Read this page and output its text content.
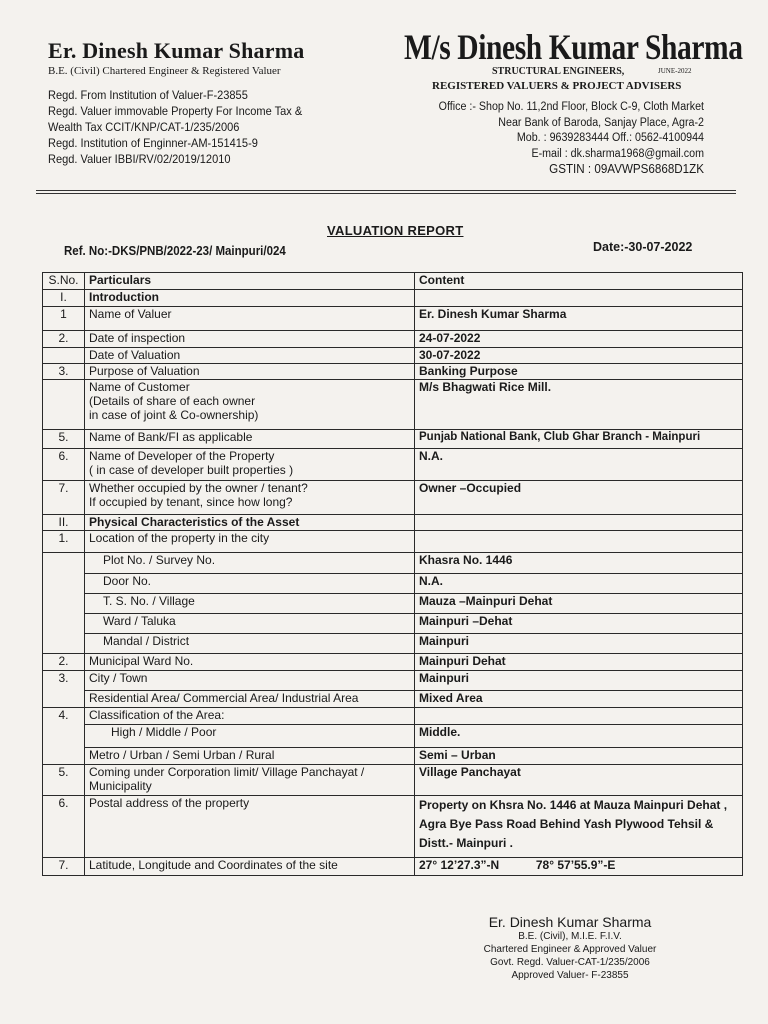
Er. Dinesh Kumar Sharma
B.E. (Civil) Chartered Engineer & Registered Valuer
Regd. From Institution of Valuer-F-23855
Regd. Valuer immovable Property For Income Tax &
Wealth Tax CCIT/KNP/CAT-1/235/2006
Regd. Institution of Enginner-AM-151415-9
Regd. Valuer IBBI/RV/02/2019/12010
M/s Dinesh Kumar Sharma
STRUCTURAL ENGINEERS,	JUNE-2022
REGISTERED VALUERS & PROJECT ADVISERS
Office :- Shop No. 11,2nd Floor, Block C-9, Cloth Market
Near Bank of Baroda, Sanjay Place, Agra-2
Mob. : 9639283444 Off.: 0562-4100944
E-mail : dk.sharma1968@gmail.com
GSTIN : 09AVWPS6868D1ZK
VALUATION REPORT
Ref. No:-DKS/PNB/2022-23/ Mainpuri/024	Date:-30-07-2022
S.No.	Particulars	Content
I.	Introduction	
1	Name of Valuer	Er. Dinesh Kumar Sharma
2.	Date of inspection	24-07-2022
	Date of Valuation	30-07-2022
3.	Purpose of Valuation	Banking Purpose

	Name of Customer
(Details of share of each owner
in case of joint & Co-ownership)	M/s Bhagwati Rice Mill.
5.	Name of Bank/FI as applicable	Punjab National Bank, Club Ghar Branch - Mainpuri
6.	Name of Developer of the Property
( in case of developer built properties )	N.A.
7.	Whether occupied by the owner / tenant?
If occupied by tenant, since how long?	Owner –Occupied
II.	Physical Characteristics of the Asset	
1.	Location of the property in the city	
	Plot No. / Survey No.	Khasra No. 1446
	Door No.	N.A.
	T. S. No. / Village	Mauza –Mainpuri Dehat
	Ward / Taluka	Mainpuri –Dehat
	Mandal / District	Mainpuri
2.	Municipal Ward No.	Mainpuri Dehat
3.	City / Town	Mainpuri
	Residential Area/ Commercial Area/ Industrial Area	Mixed Area
4.	Classification of the Area:	
	High / Middle / Poor	Middle.
	Metro / Urban / Semi Urban / Rural	Semi – Urban
5.	Coming under Corporation limit/ Village Panchayat /
Municipality	Village Panchayat
6.	Postal address of the property	Property on Khsra No. 1446 at Mauza Mainpuri Dehat ,
Agra Bye Pass Road Behind Yash Plywood Tehsil &
Distt.- Mainpuri .

7.	Latitude, Longitude and Coordinates of the site	27° 12’27.3”-N 78° 57’55.9”-E
Er. Dinesh Kumar Sharma
B.E. (Civil), M.I.E. F.I.V.
Chartered Engineer & Approved Valuer
Govt. Regd. Valuer-CAT-1/235/2006
Approved Valuer- F-23855
